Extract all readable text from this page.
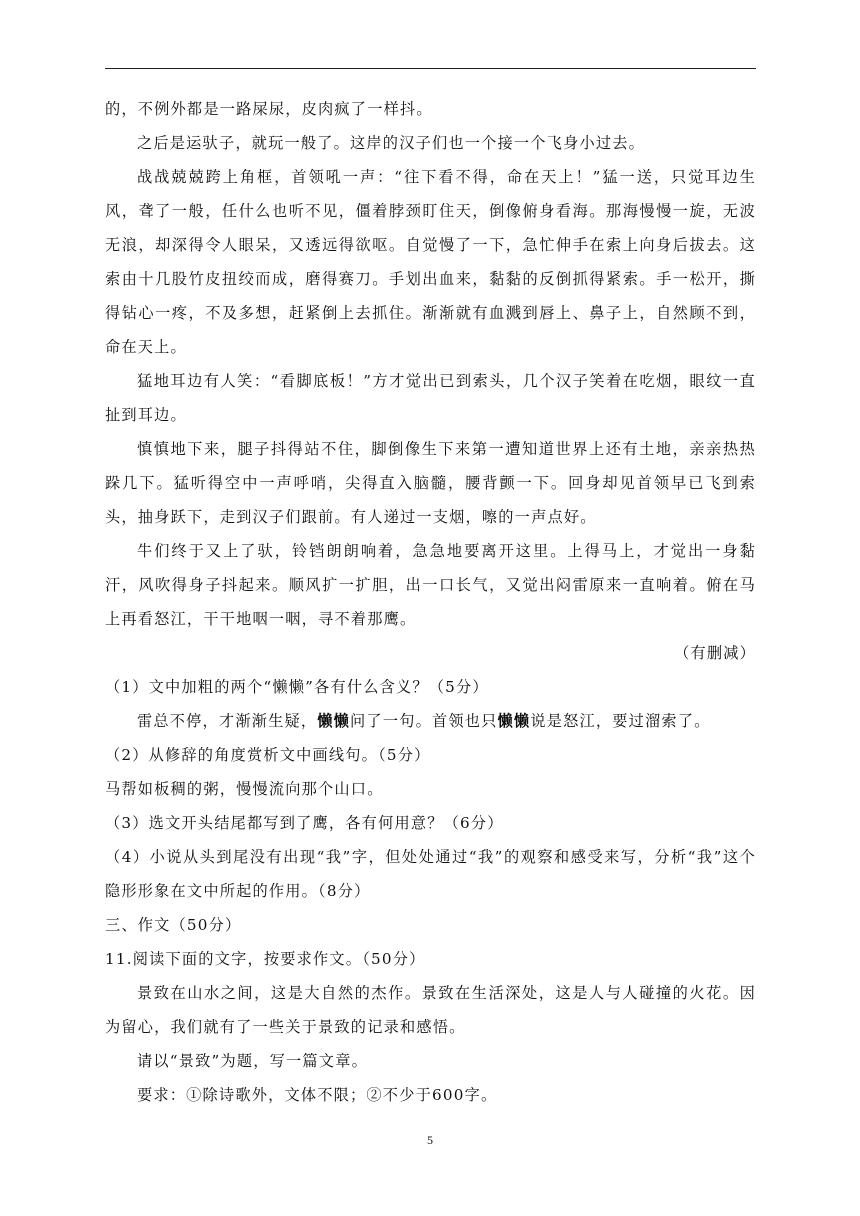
的，不例外都是一路屎尿，皮肉疯了一样抖。

之后是运驮子，就玩一般了。这岸的汉子们也一个接一个飞身小过去。

战战兢兢跨上角框，首领吼一声：“往下看不得，命在天上！”猛一送，只觉耳边生风，聋了一般，任什么也听不见，僵着脖颈盯住天，倒像俯身看海。那海慢慢一旋，无波无浪，却深得令人眼呆，又透远得欲呕。自觉慢了一下，急忙伸手在索上向身后拔去。这索由十几股竹皮扭绞而成，磨得赛刀。手划出血来，黏黏的反倒抓得紧索。手一松开，撕得钻心一疼，不及多想，赶紧倒上去抓住。渐渐就有血溅到唇上、鼻子上，自然顾不到，命在天上。

猛地耳边有人笑：“看脚底板！”方才觉出已到索头，几个汉子笑着在吃烟，眼纹一直扯到耳边。

慎慎地下来，腿子抖得站不住，脚倒像生下来第一遭知道世界上还有土地，亲亲热热跺几下。猛听得空中一声呼哨，尖得直入脑髓，腰背颤一下。回身却见首领早已飞到索头，抽身跃下，走到汉子们跟前。有人递过一支烟，嚓的一声点好。

牛们终于又上了驮，铃铛朗朗响着，急急地要离开这里。上得马上，才觉出一身黏汗，风吹得身子抖起来。顺风扩一扩胆，出一口长气，又觉出闷雷原来一直响着。俯在马上再看怒江，干干地咽一咽，寻不着那鹰。

（有删减）

（1）文中加粗的两个“懒懒”各有什么含义？（5分）

雷总不停，才渐渐生疑，懒懒问了一句。首领也只懒懒说是怒江，要过溜索了。

（2）从修辞的角度赏析文中画线句。（5分）

马帮如板稠的粥，慢慢流向那个山口。

（3）选文开头结尾都写到了鹰，各有何用意？（6分）

（4）小说从头到尾没有出现“我”字，但处处通过“我”的观察和感受来写，分析“我”这个隐形形象在文中所起的作用。（8分）

三、作文（50分）

11.阅读下面的文字，按要求作文。（50分）

景致在山水之间，这是大自然的杰作。景致在生活深处，这是人与人碰撞的火花。因为留心，我们就有了一些关于景致的记录和感悟。

请以“景致”为题，写一篇文章。

要求：①除诗歌外，文体不限；②不少于600字。

5
